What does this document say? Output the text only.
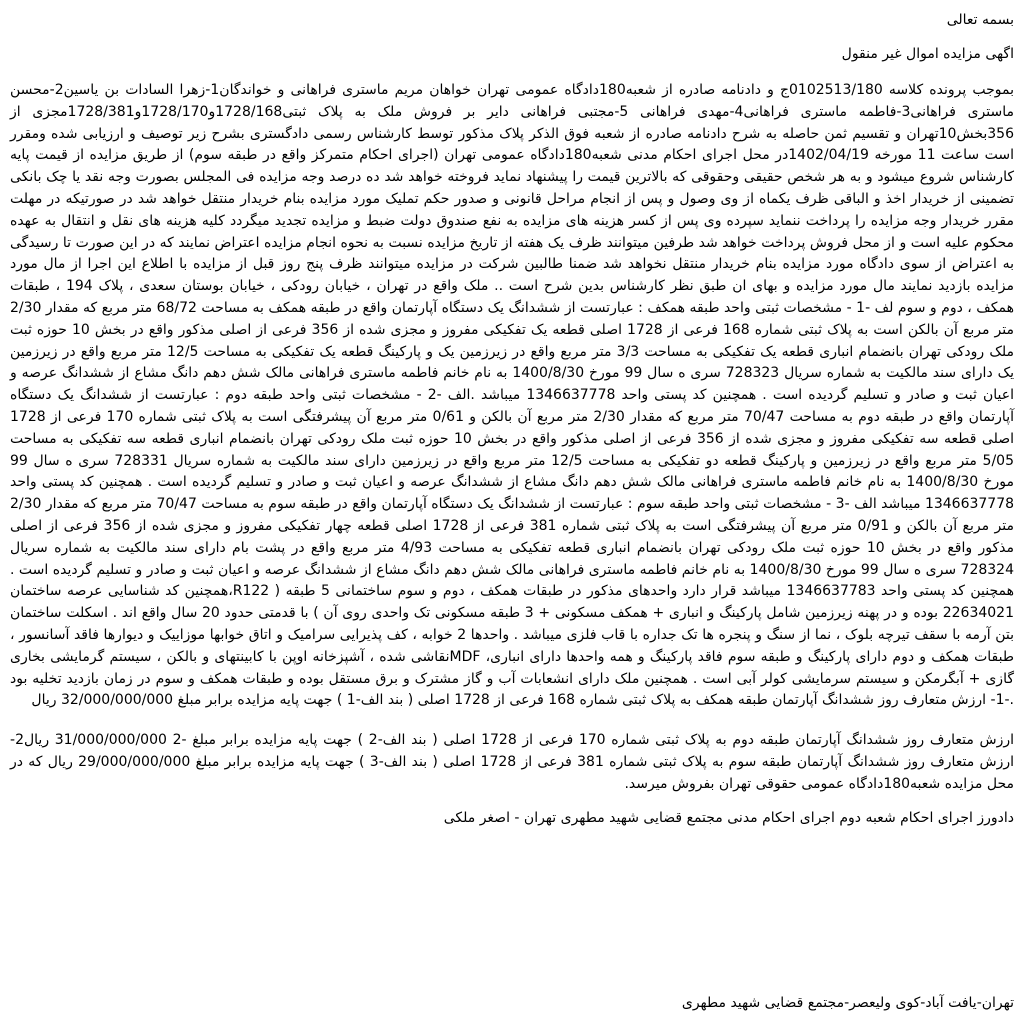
بسمه تعالی

اگهی مزایده اموال غیر منقول

بموجب پرونده کلاسه 0102513/180ج و دادنامه صادره از شعبه180دادگاه عمومی تهران خواهان مریم ماستری فراهانی و خواندگان1-زهرا السادات بن یاسین2-محسن ماستری فراهانی3-فاطمه ماستری فراهانی4-مهدی فراهانی 5-مجتبی فراهانی دایر بر فروش ملک به پلاک ثبتی1728/168و1728/170و1728/381مجزی از 356بخش10تهران و تقسیم ثمن حاصله به شرح دادنامه صادره از شعبه فوق الذکر پلاک مذکور توسط کارشناس رسمی دادگستری بشرح زیر توصیف و ارزیابی شده ومقرر است ساعت 11 مورخه 1402/04/19در محل اجرای احکام مدنی شعبه180دادگاه عمومی تهران (اجرای احکام متمرکز واقع در طبقه سوم) از طریق مزایده از قیمت پایه کارشناس شروع میشود و به هر شخص حقیقی وحقوقی که بالاترین قیمت را پیشنهاد نماید فروخته خواهد شد ده درصد وجه مزایده فی المجلس بصورت وجه نقد یا چک بانکی تضمینی از خریدار اخذ و الباقی ظرف یکماه از وی وصول و پس از انجام مراحل قانونی و صدور حکم تملیک مورد مزایده بنام خریدار منتقل خواهد شد در صورتیکه در مهلت مقرر خریدار وجه مزایده را پرداخت ننماید سپرده وی پس از کسر هزینه های مزایده به نفع صندوق دولت ضبط و مزایده تجدید میگردد کلیه هزینه های نقل و انتقال به عهده محکوم علیه است و از محل فروش پرداخت خواهد شد طرفین میتوانند ظرف یک هفته از تاریخ مزایده نسبت به نحوه انجام مزایده اعتراض نمایند که در این صورت تا رسیدگی به اعتراض از سوی دادگاه مورد مزایده بنام خریدار منتقل نخواهد شد ضمنا طالبین شرکت در مزایده میتوانند ظرف پنج روز قبل از مزایده با اطلاع این اجرا از مال مورد مزایده بازدید نمایند مال مورد مزایده و بهای ان طبق نظر کارشناس بدین شرح است .. ملک واقع در تهران ، خیابان رودکی ، خیابان بوستان سعدی ، پلاک 194 ، طبقات همکف ، دوم و سوم لف -1 - مشخصات ثبتی واحد طبقه همکف : عبارتست از ششدانگ یک دستگاه آپارتمان واقع در طبقه همکف به مساحت 68/72 متر مربع که مقدار 2/30 متر مربع آن بالکن است به پلاک ثبتی شماره 168 فرعی از 1728 اصلی قطعه یک تفکیکی مفروز و مجزی شده از 356 فرعی از اصلی مذکور واقع در بخش 10 حوزه ثبت ملک رودکی تهران بانضمام انباری قطعه یک تفکیکی به مساحت 3/3 متر مربع واقع در زیرزمین یک و پارکینگ قطعه یک تفکیکی به مساحت 12/5 متر مربع واقع در زیرزمین یک دارای سند مالکیت به شماره سریال 728323 سری ه سال 99 مورخ 1400/8/30 به نام خانم فاطمه ماستری فراهانی مالک شش دهم دانگ مشاع از ششدانگ عرصه و اعیان ثبت و صادر و تسلیم گردیده است . همچنین کد پستی واحد 1346637778 میباشد .الف -2 - مشخصات ثبتی واحد طبقه دوم : عبارتست از ششدانگ یک دستگاه آپارتمان واقع در طبقه دوم به مساحت 70/47 متر مربع که مقدار 2/30 متر مربع آن بالکن و 0/61 متر مربع آن پیشرفتگی است به پلاک ثبتی شماره 170 فرعی از 1728 اصلی قطعه سه تفکیکی مفروز و مجزی شده از 356 فرعی از اصلی مذکور واقع در بخش 10 حوزه ثبت ملک رودکی تهران بانضمام انباری قطعه سه تفکیکی به مساحت 5/05 متر مربع واقع در زیرزمین و پارکینگ قطعه دو تفکیکی به مساحت 12/5 متر مربع واقع در زیرزمین دارای سند مالکیت به شماره سریال 728331 سری ه سال 99 مورخ 1400/8/30 به نام خانم فاطمه ماستری فراهانی مالک شش دهم دانگ مشاع از ششدانگ عرصه و اعیان ثبت و صادر و تسلیم گردیده است . همچنین کد پستی واحد 1346637778 میباشد الف -3 - مشخصات ثبتی واحد طبقه سوم : عبارتست از ششدانگ یک دستگاه آپارتمان واقع در طبقه سوم به مساحت 70/47 متر مربع که مقدار 2/30 متر مربع آن بالکن و 0/91 متر مربع آن پیشرفتگی است به پلاک ثبتی شماره 381 فرعی از 1728 اصلی قطعه چهار تفکیکی مفروز و مجزی شده از 356 فرعی از اصلی مذکور واقع در بخش 10 حوزه ثبت ملک رودکی تهران بانضمام انباری قطعه تفکیکی به مساحت 4/93 متر مربع واقع در پشت بام دارای سند مالکیت به شماره سریال 728324 سری ه سال 99 مورخ 1400/8/30 به نام خانم فاطمه ماستری فراهانی مالک شش دهم دانگ مشاع از ششدانگ عرصه و اعیان ثبت و صادر و تسلیم گردیده است . همچنین کد پستی واحد 1346637783 میباشد قرار دارد واحدهای مذکور در طبقات همکف ، دوم و سوم ساختمانی 5 طبقه ( R122،همچنین کد شناسایی عرصه ساختمان 22634021 بوده و در پهنه زیرزمین شامل پارکینگ و انباری + همکف مسکونی + 3 طبقه مسکونی تک واحدی روی آن ) با قدمتی حدود 20 سال واقع اند . اسکلت ساختمان بتن آرمه با سقف تیرچه بلوک ، نما از سنگ و پنجره ها تک جداره با قاب فلزی میباشد . واحدها 2 خوابه ، کف پذیرایی سرامیک و اتاق خوابها موزاییک و دیوارها فاقد آسانسور ، طبقات همکف و دوم دارای پارکینگ و طبقه سوم فاقد پارکینگ و همه واحدها دارای انباری، MDFنقاشی شده ، آشپزخانه اوپن با کابینتهای و بالکن ، سیستم گرمایشی بخاری گازی + آبگرمکن و سیستم سرمایشی کولر آبی است . همچنین ملک دارای انشعابات آب و گاز مشترک و برق مستقل بوده و طبقات همکف و سوم در زمان بازدید تخلیه بود .-1- ارزش متعارف روز ششدانگ آپارتمان طبقه همکف به پلاک ثبتی شماره 168 فرعی از 1728 اصلی ( بند الف-1 ) جهت پایه مزایده برابر مبلغ 32/000/000/000 ریال

ارزش متعارف روز ششدانگ آپارتمان طبقه دوم به پلاک ثبتی شماره 170 فرعی از 1728 اصلی ( بند الف-2 ) جهت پایه مزایده برابر مبلغ -2 31/000/000/000 ریال2- ارزش متعارف روز ششدانگ آپارتمان طبقه سوم به پلاک ثبتی شماره 381 فرعی از 1728 اصلی ( بند الف-3 ) جهت پایه مزایده برابر مبلغ 29/000/000/000 ریال که در محل مزایده شعبه180دادگاه عمومی حقوقی تهران بفروش میرسد.

دادورز اجرای احکام شعبه دوم اجرای احکام مدنی مجتمع قضایی شهید مطهری تهران - اصغر ملکی

تهران-یافت آباد-کوی ولیعصر-مجتمع قضایی شهید مطهری
